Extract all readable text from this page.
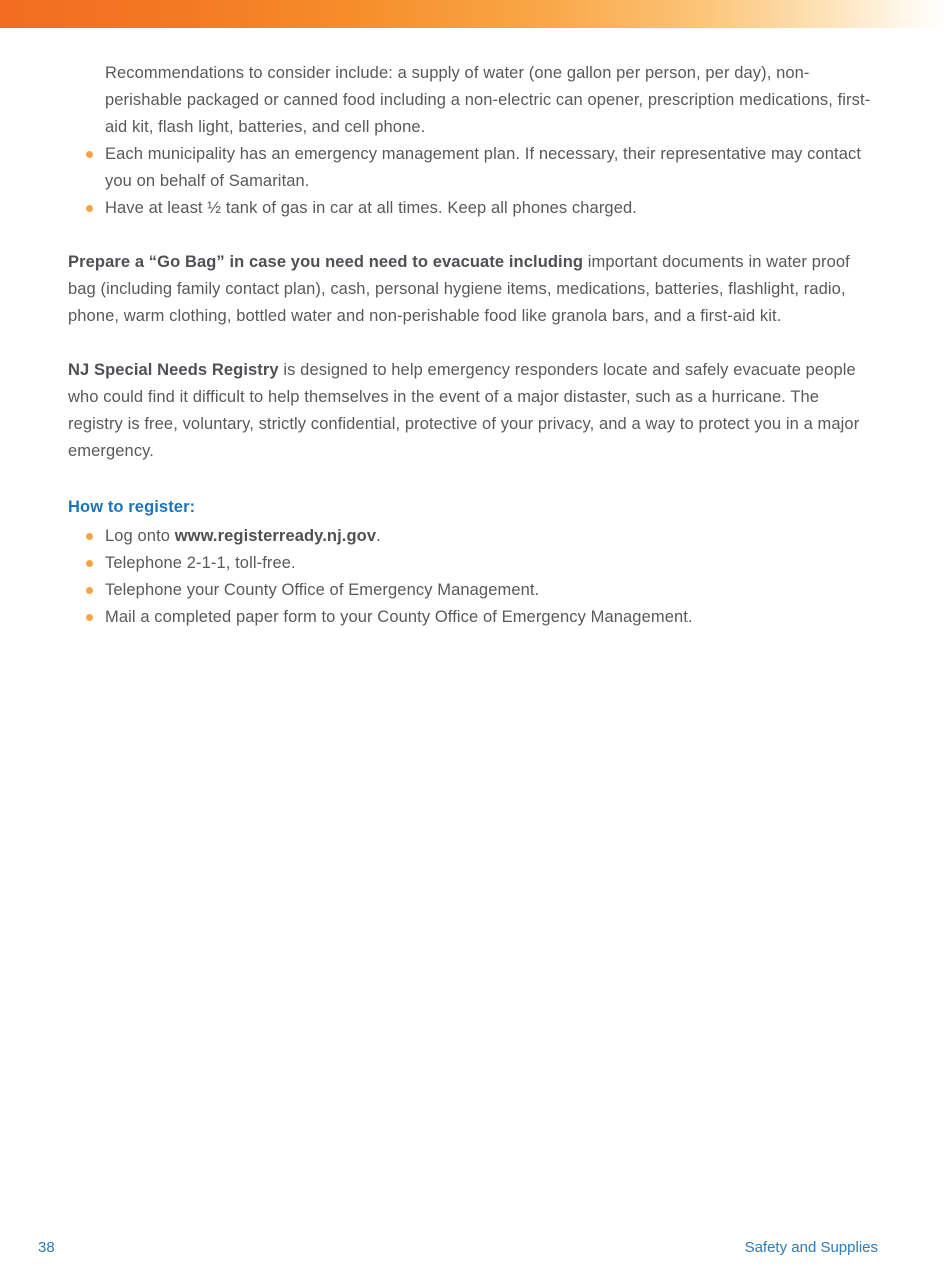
Recommendations to consider include: a supply of water (one gallon per person, per day), non-perishable packaged or canned food including a non-electric can opener, prescription medications, first-aid kit, flash light, batteries, and cell phone.

Each municipality has an emergency management plan. If necessary, their representative may contact you on behalf of Samaritan.
Have at least ½ tank of gas in car at all times. Keep all phones charged.

Prepare a “Go Bag” in case you need need to evacuate including important documents in water proof bag (including family contact plan), cash, personal hygiene items, medications, batteries, flashlight, radio, phone, warm clothing, bottled water and non-perishable food like granola bars, and a first-aid kit.

NJ Special Needs Registry is designed to help emergency responders locate and safely evacuate people who could find it difficult to help themselves in the event of a major distaster, such as a hurricane. The registry is free, voluntary, strictly confidential, protective of your privacy, and a way to protect you in a major emergency.

How to register:
Log onto www.registerready.nj.gov.
Telephone 2-1-1, toll-free.
Telephone your County Office of Emergency Management.
Mail a completed paper form to your County Office of Emergency Management.
38	Safety and Supplies
